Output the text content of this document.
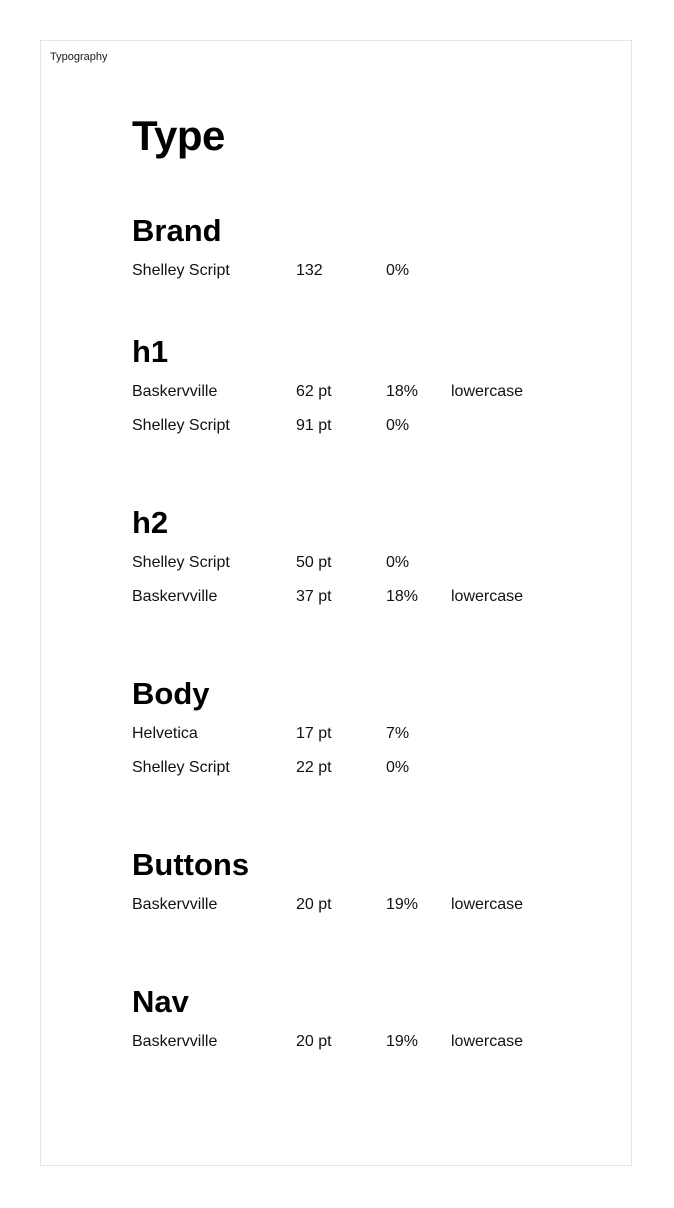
Typography
Type
Brand
Shelley Script	132	0%
h1
Baskervville	62 pt	18% lowercase
Shelley Script	91 pt	0%
h2
Shelley Script	50 pt	0%
Baskervville	37 pt	18% lowercase
Body
Helvetica	17 pt	7%
Shelley Script	22 pt	0%
Buttons
Baskervville	20 pt	19% lowercase
Nav
Baskervville	20 pt	19% lowercase
